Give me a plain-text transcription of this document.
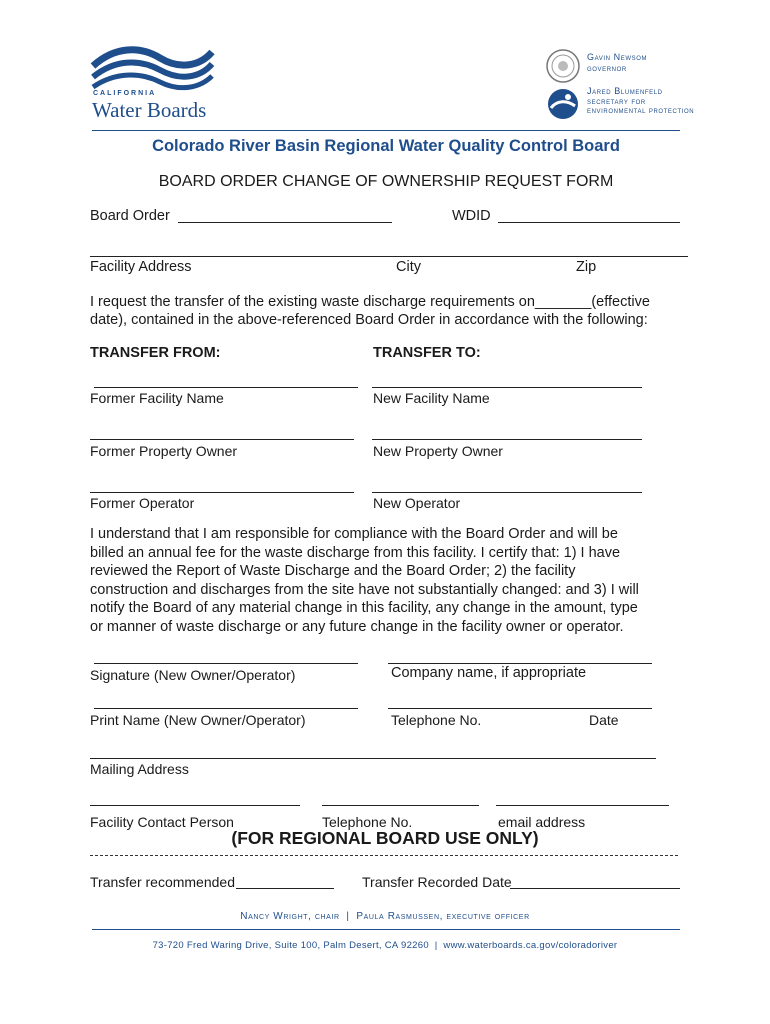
CALIFORNIA
Water Boards
Gavin Newsom
governor
Jared Blumenfeld
secretary for
environmental protection
Colorado River Basin Regional Water Quality Control Board
BOARD ORDER CHANGE OF OWNERSHIP REQUEST FORM
Board Order	WDID
Facility Address	City	Zip
I request the transfer of the existing waste discharge requirements on_______(effective
date), contained in the above-referenced Board Order in accordance with the following:
TRANSFER FROM:	TRANSFER TO:
Former Facility Name	New Facility Name
Former Property Owner	New Property Owner
Former Operator	New Operator
I understand that I am responsible for compliance with the Board Order and will be
billed an annual fee for the waste discharge from this facility. I certify that: 1) I have
reviewed the Report of Waste Discharge and the Board Order; 2) the facility
construction and discharges from the site have not substantially changed: and 3) I will
notify the Board of any material change in this facility, any change in the amount, type
or manner of waste discharge or any future change in the facility owner or operator.
Signature (New Owner/Operator)	Company name, if appropriate
Print Name (New Owner/Operator)	Telephone No.	Date
Mailing Address
Facility Contact Person	Telephone No.	email address
(FOR REGIONAL BOARD USE ONLY)
Transfer recommended	Transfer Recorded Date
Nancy Wright, chair  |  Paula Rasmussen, executive officer
73-720 Fred Waring Drive, Suite 100, Palm Desert, CA 92260  |  www.waterboards.ca.gov/coloradoriver
